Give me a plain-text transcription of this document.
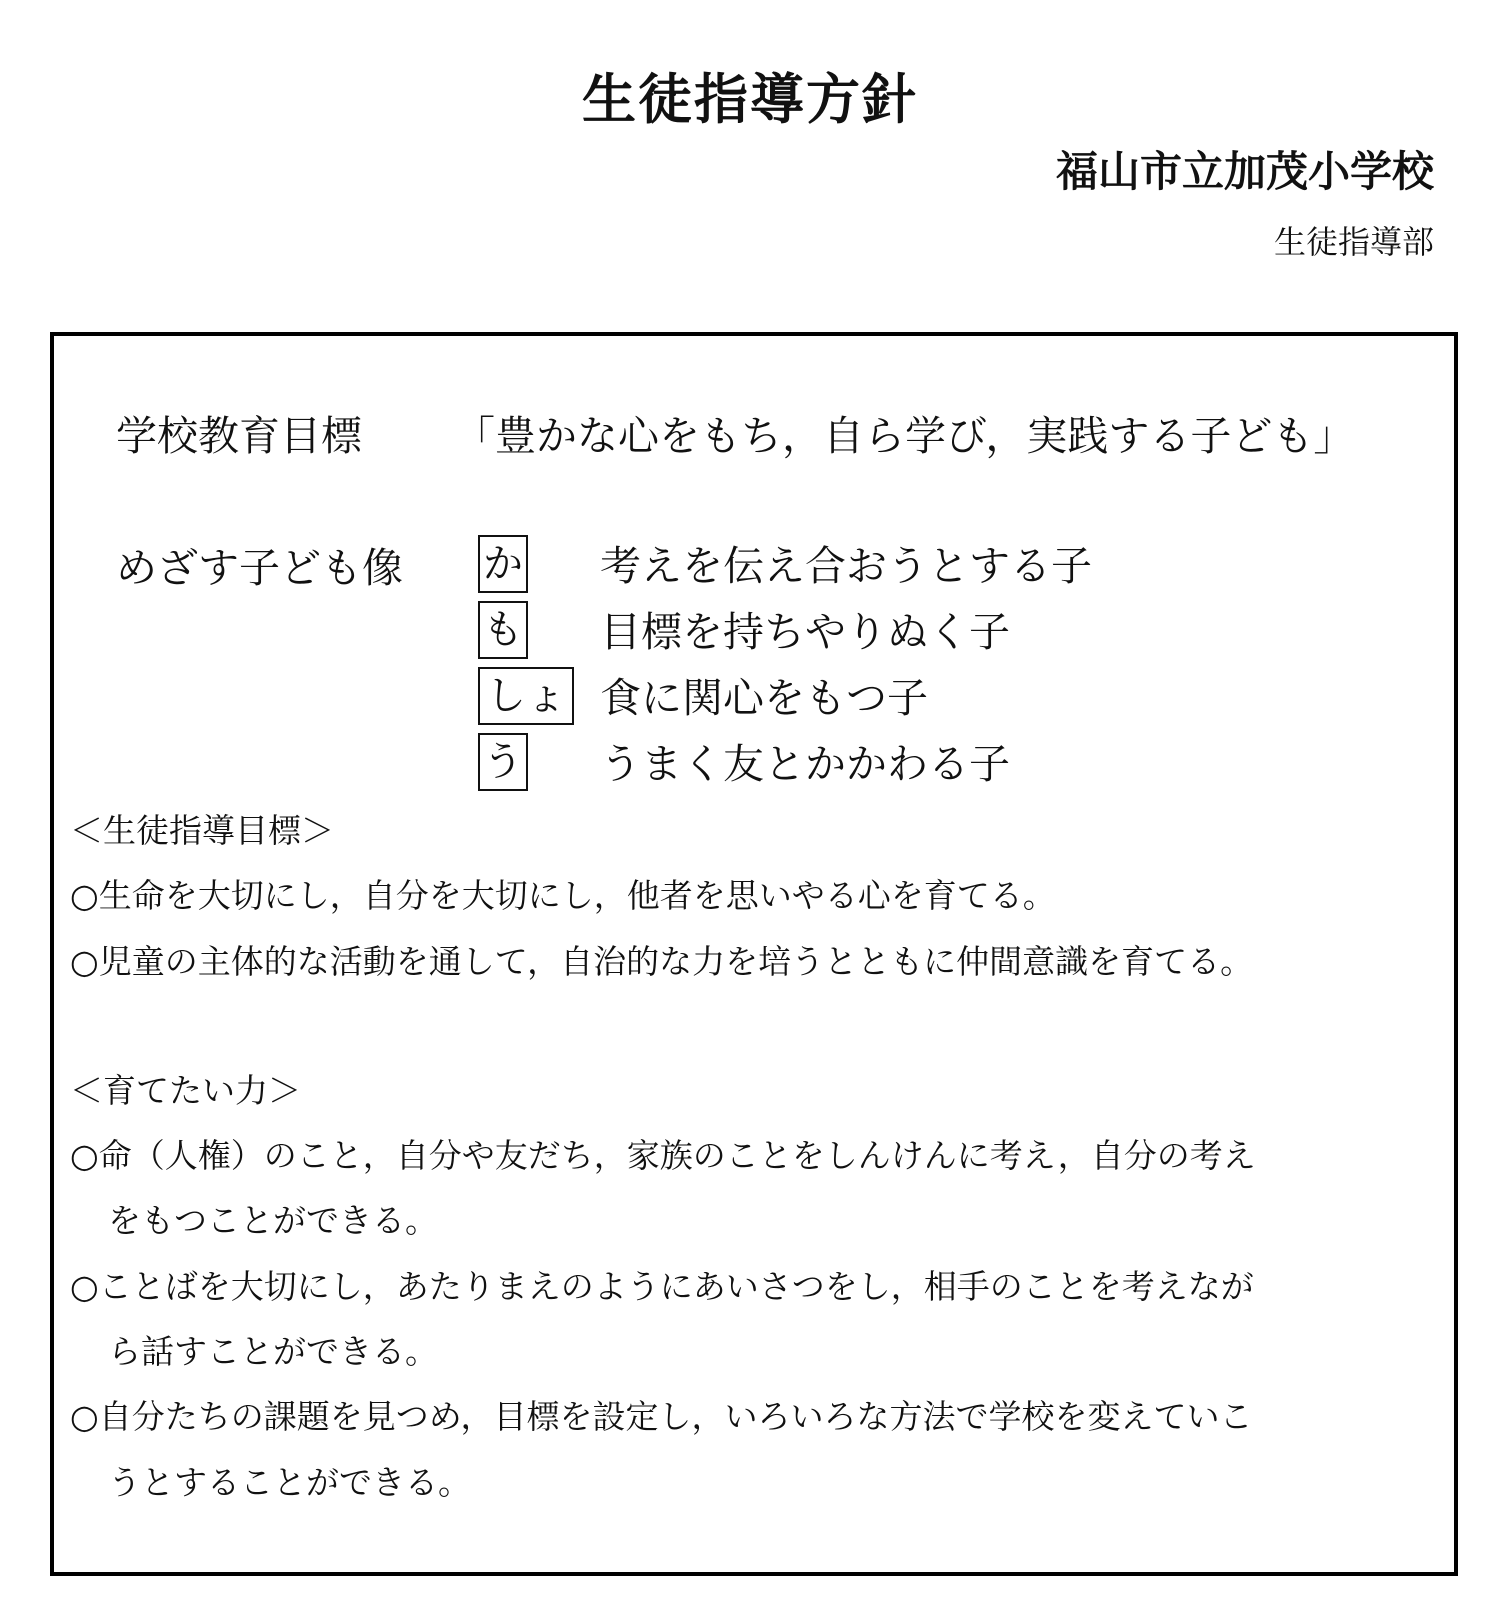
生徒指導方針
福山市立加茂小学校
生徒指導部
学校教育目標 「豊かな心をもち，自ら学び，実践する子ども」
めざす子ども像 か 考えを伝え合おうとする子
も 目標を持ちやりぬく子
しょ 食に関心をもつ子
う うまく友とかかわる子
＜生徒指導目標＞
○生命を大切にし，自分を大切にし，他者を思いやる心を育てる。
○児童の主体的な活動を通して，自治的な力を培うとともに仲間意識を育てる。
＜育てたい力＞
○命（人権）のこと，自分や友だち，家族のことをしんけんに考え，自分の考え
をもつことができる。
○ことばを大切にし，あたりまえのようにあいさつをし，相手のことを考えなが
ら話すことができる。
○自分たちの課題を見つめ，目標を設定し，いろいろな方法で学校を変えていこ
うとすることができる。
